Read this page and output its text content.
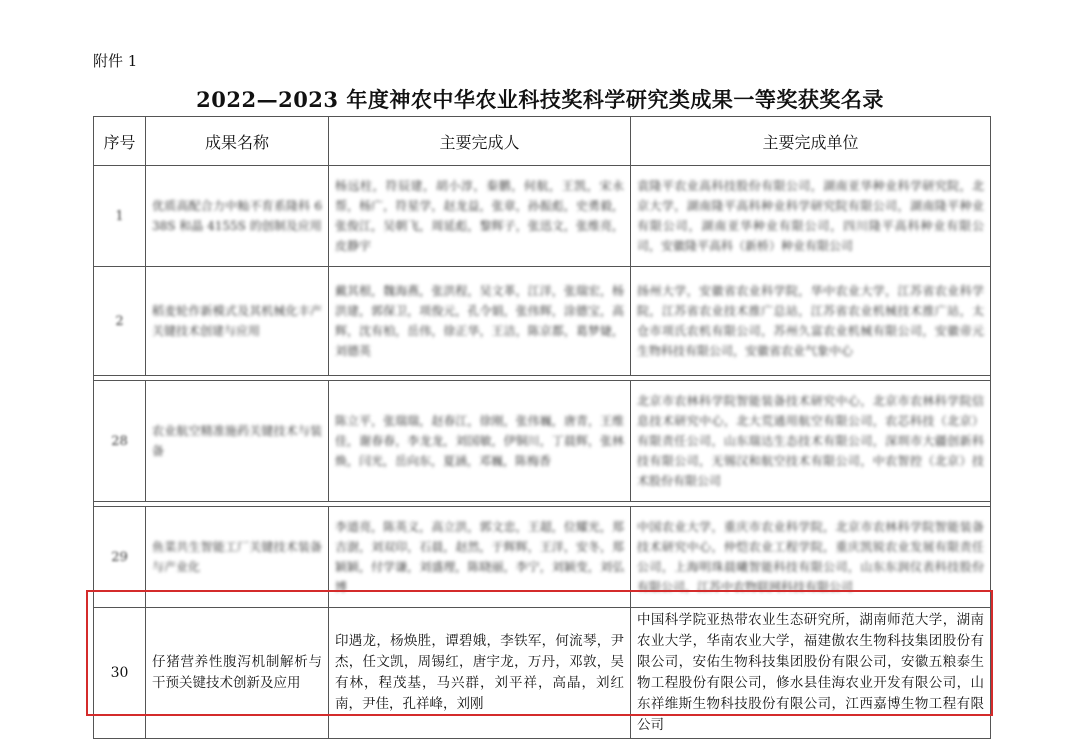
附件 1
2022—2023 年度神农中华农业科技奖科学研究类成果一等奖获奖名录
序号	成果名称	主要完成人	主要完成单位

1	优质高配合力中籼不育系隆科 638S 和晶 4155S 的创制及应用	杨远柱，符辰建，胡小淳，秦鹏，何航，王凯，宋永帮，杨广，符星学，赵龙益，张章，孙振彪，史勇毅，张俊江，吴朝飞，周延彪，黎辉子，张迅文，张维亮，皮静宇	袁隆平农业高科技股份有限公司，湖南亚华种业科学研究院，北京大学，湖南隆平高科种业科学研究院有限公司，湖南隆平种业有限公司，湖南亚华种业有限公司，四川隆平高科种业有限公司，安徽隆平高科（新桥）种业有限公司

2	稻麦轮作新模式及其机械化丰产关键技术创建与应用	戴其根，魏海燕，张洪程，吴文革，江洋，张瑞宏，杨洪建，郭保卫，项俊元，孔令娟，张伟辉，涂德宝，高辉，沈有柏，岳伟，徐正华，王洁，陈京都，葛梦婕，刘德英	扬州大学，安徽省农业科学院，华中农业大学，江苏省农业科学院，江苏省农业技术推广总站，江苏省农业机械技术推广站，太仓市项氏农机有限公司，苏州久富农业机械有限公司，安徽帝元生物科技有限公司，安徽省农业气象中心

28	农业航空精准施药关键技术与装备	陈立平，张瑞瑞，赵春江，徐刚，张伟巍，唐青，王维佳，谢春春，李龙龙，刘国敏，伊铜川，丁晨辉，张林焕，闫光，岳向东，夏涵，邓巍，陈梅香	北京市农林科学院智能装备技术研究中心，北京市农林科学院信息技术研究中心，北大荒通用航空有限公司，农芯科技（北京）有限责任公司，山东瑞达生态技术有限公司，深圳市大疆创新科技有限公司，无锡汉和航空技术有限公司，中农智控（北京）技术股份有限公司

29	鱼菜共生智能工厂关键技术装备与产业化	李道亮，陈英义，高立洪，郭文忠，王超，位耀光，郑吉澍，刘双印，石晨，赵然，于辉辉，王洋，安冬，郑颖颖，付学谦，刘盛理，陈晓丽，李宁，刘颖变，刘弘博	中国农业大学，重庆市农业科学院，北京市农林科学院智能装备技术研究中心，仲恺农业工程学院，重庆凯锐农业发展有限责任公司，上海明珠晨曦智能科技有限公司，山东东润仪表科技股份有限公司，江苏中农物联网科技有限公司

30	仔猪营养性腹泻机制解析与干预关键技术创新及应用	印遇龙，杨焕胜，谭碧娥，李铁军，何流琴，尹杰，任文凯，周锡红，唐宇龙，万丹，邓敦，吴有林，程茂基，马兴群，刘平祥，高晶，刘红南，尹佳，孔祥峰，刘刚	中国科学院亚热带农业生态研究所，湖南师范大学，湖南农业大学，华南农业大学，福建傲农生物科技集团股份有限公司，安佑生物科技集团股份有限公司，安徽五粮泰生物工程股份有限公司，修水县佳海农业开发有限公司，山东祥维斯生物科技股份有限公司，江西嘉博生物工程有限公司
